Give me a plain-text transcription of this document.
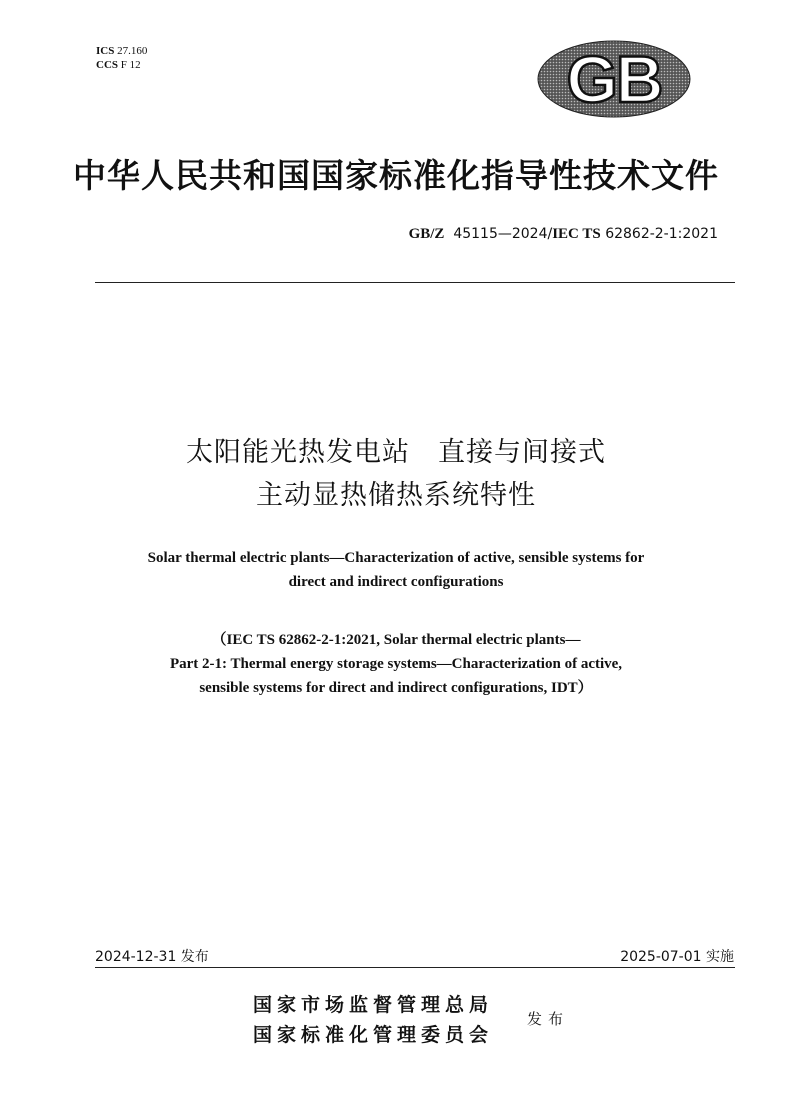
ICS 27.160
CCS F 12	GB
中华人民共和国国家标准化指导性技术文件
GB/Z 45115—2024/IEC TS 62862-2-1:2021
太阳能光热发电站　直接与间接式
主动显热储热系统特性
Solar thermal electric plants—Characterization of active, sensible systems for
direct and indirect configurations
（IEC TS 62862-2-1:2021, Solar thermal electric plants—
Part 2-1: Thermal energy storage systems—Characterization of active,
sensible systems for direct and indirect configurations, IDT）
2024-12-31 发布	2025-07-01 实施
国家市场监督管理总局
国家标准化管理委员会
发布
